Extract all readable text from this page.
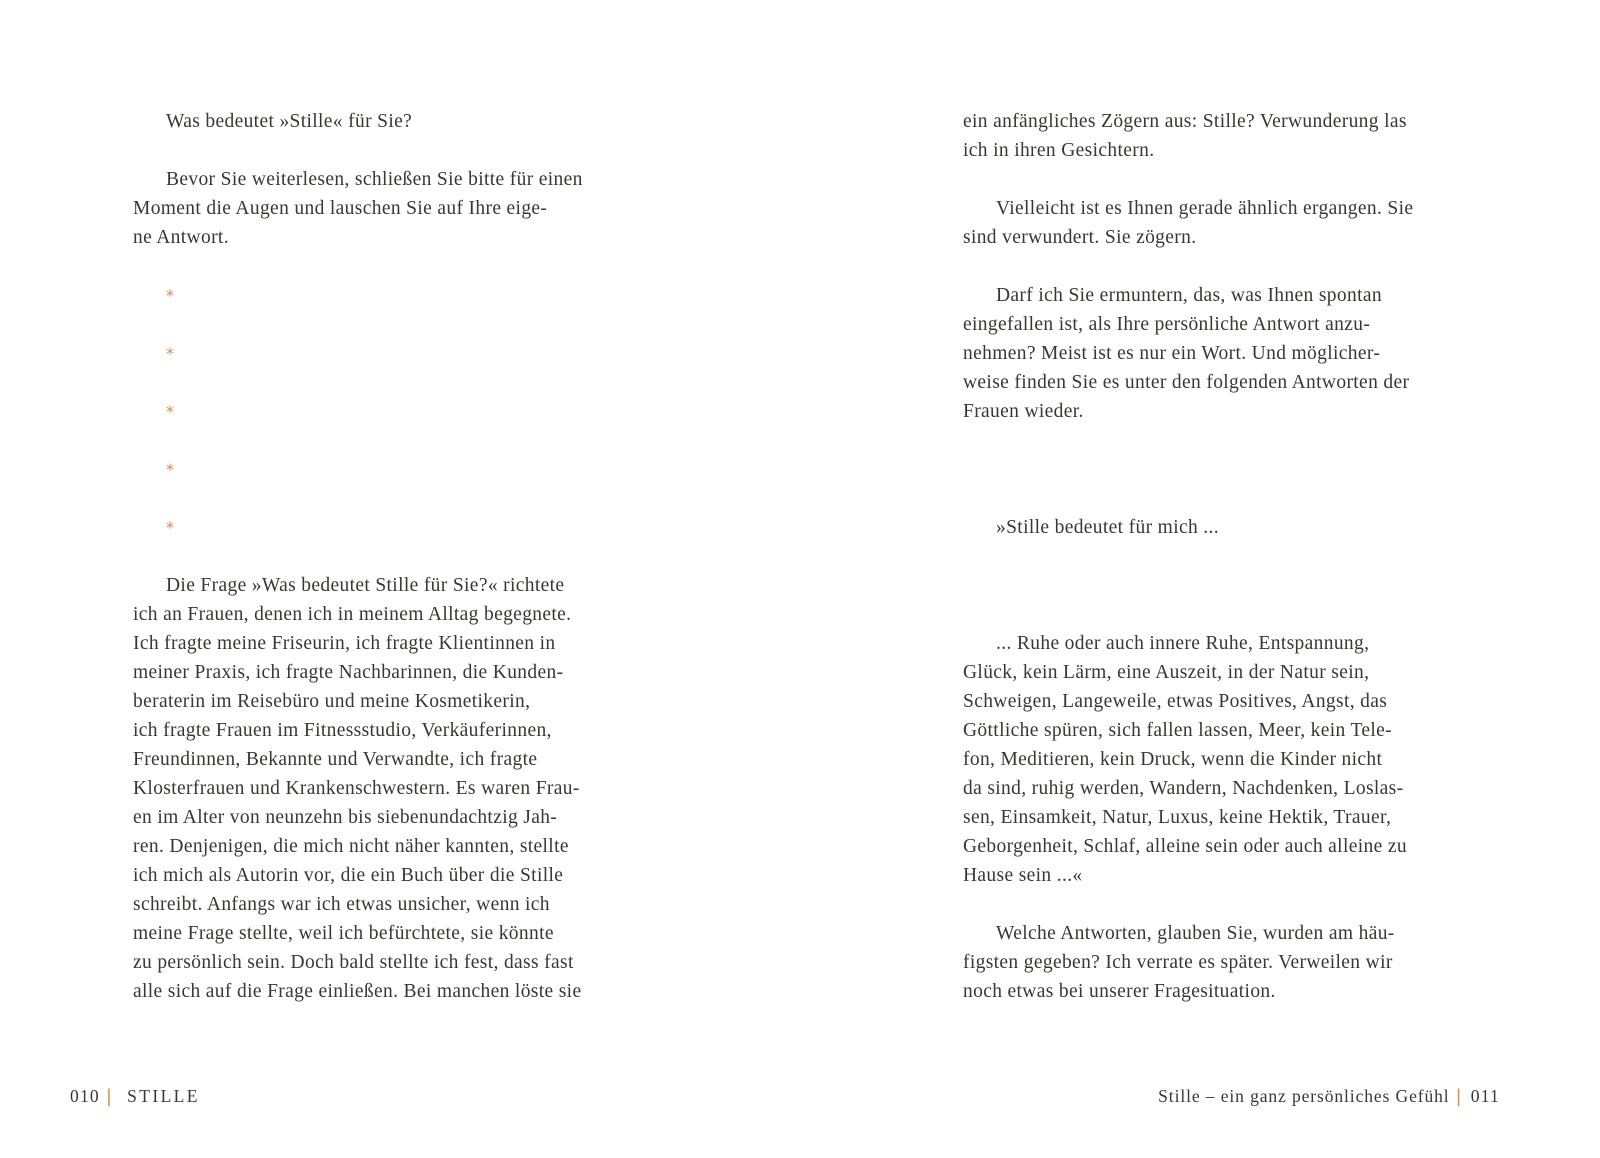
Was bedeutet »Stille« für Sie?
Bevor Sie weiterlesen, schließen Sie bitte für einen
Moment die Augen und lauschen Sie auf Ihre eige-
ne Antwort.
*
*
*
*
*
Die Frage »Was bedeutet Stille für Sie?« richtete
ich an Frauen, denen ich in meinem Alltag begegnete.
Ich fragte meine Friseurin, ich fragte Klientinnen in
meiner Praxis, ich fragte Nachbarinnen, die Kunden-
beraterin im Reisebüro und meine Kosmetikerin,
ich fragte Frauen im Fitnessstudio, Verkäuferinnen,
Freundinnen, Bekannte und Verwandte, ich fragte
Klosterfrauen und Krankenschwestern. Es waren Frau-
en im Alter von neunzehn bis siebenundachtzig Jah-
ren. Denjenigen, die mich nicht näher kannten, stellte
ich mich als Autorin vor, die ein Buch über die Stille
schreibt. Anfangs war ich etwas unsicher, wenn ich
meine Frage stellte, weil ich befürchtete, sie könnte
zu persönlich sein. Doch bald stellte ich fest, dass fast
alle sich auf die Frage einließen. Bei manchen löste sie
010 | STILLE
ein anfängliches Zögern aus: Stille? Verwunderung las
ich in ihren Gesichtern.
Vielleicht ist es Ihnen gerade ähnlich ergangen. Sie
sind verwundert. Sie zögern.
Darf ich Sie ermuntern, das, was Ihnen spontan
eingefallen ist, als Ihre persönliche Antwort anzu-
nehmen? Meist ist es nur ein Wort. Und möglicher-
weise finden Sie es unter den folgenden Antworten der
Frauen wieder.
»Stille bedeutet für mich ...
... Ruhe oder auch innere Ruhe, Entspannung,
Glück, kein Lärm, eine Auszeit, in der Natur sein,
Schweigen, Langeweile, etwas Positives, Angst, das
Göttliche spüren, sich fallen lassen, Meer, kein Tele-
fon, Meditieren, kein Druck, wenn die Kinder nicht
da sind, ruhig werden, Wandern, Nachdenken, Loslas-
sen, Einsamkeit, Natur, Luxus, keine Hektik, Trauer,
Geborgenheit, Schlaf, alleine sein oder auch alleine zu
Hause sein ...«
Welche Antworten, glauben Sie, wurden am häu-
figsten gegeben? Ich verrate es später. Verweilen wir
noch etwas bei unserer Fragesituation.
Stille – ein ganz persönliches Gefühl | 011
